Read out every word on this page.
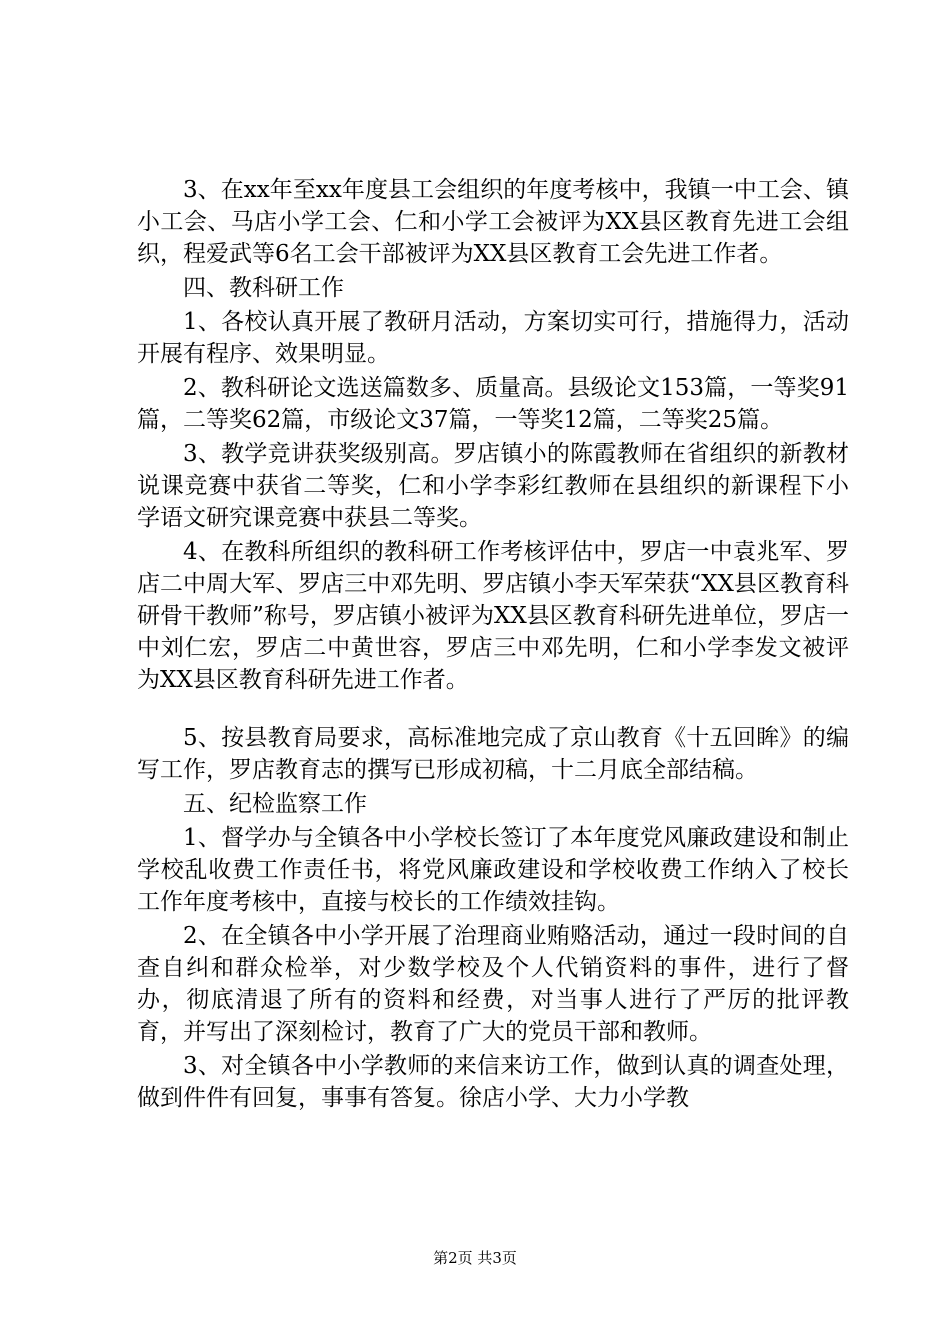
3、在xx年至xx年度县工会组织的年度考核中，我镇一中工会、镇小工会、马店小学工会、仁和小学工会被评为XX县区教育先进工会组织，程爱武等6名工会干部被评为XX县区教育工会先进工作者。

四、教科研工作

1、各校认真开展了教研月活动，方案切实可行，措施得力，活动开展有程序、效果明显。

2、教科研论文选送篇数多、质量高。县级论文153篇，一等奖91篇，二等奖62篇，市级论文37篇，一等奖12篇，二等奖25篇。

3、教学竞讲获奖级别高。罗店镇小的陈霞教师在省组织的新教材说课竞赛中获省二等奖，仁和小学李彩红教师在县组织的新课程下小学语文研究课竞赛中获县二等奖。

4、在教科所组织的教科研工作考核评估中，罗店一中袁兆军、罗店二中周大军、罗店三中邓先明、罗店镇小李天军荣获“XX县区教育科研骨干教师”称号，罗店镇小被评为XX县区教育科研先进单位，罗店一中刘仁宏，罗店二中黄世容，罗店三中邓先明，仁和小学李发文被评为XX县区教育科研先进工作者。

5、按县教育局要求，高标准地完成了京山教育《十五回眸》的编写工作，罗店教育志的撰写已形成初稿，十二月底全部结稿。

五、纪检监察工作

1、督学办与全镇各中小学校长签订了本年度党风廉政建设和制止学校乱收费工作责任书，将党风廉政建设和学校收费工作纳入了校长工作年度考核中，直接与校长的工作绩效挂钩。

2、在全镇各中小学开展了治理商业贿赂活动，通过一段时间的自查自纠和群众检举，对少数学校及个人代销资料的事件，进行了督办，彻底清退了所有的资料和经费，对当事人进行了严厉的批评教育，并写出了深刻检讨，教育了广大的党员干部和教师。

3、对全镇各中小学教师的来信来访工作，做到认真的调查处理，做到件件有回复，事事有答复。徐店小学、大力小学教

第2页 共3页
